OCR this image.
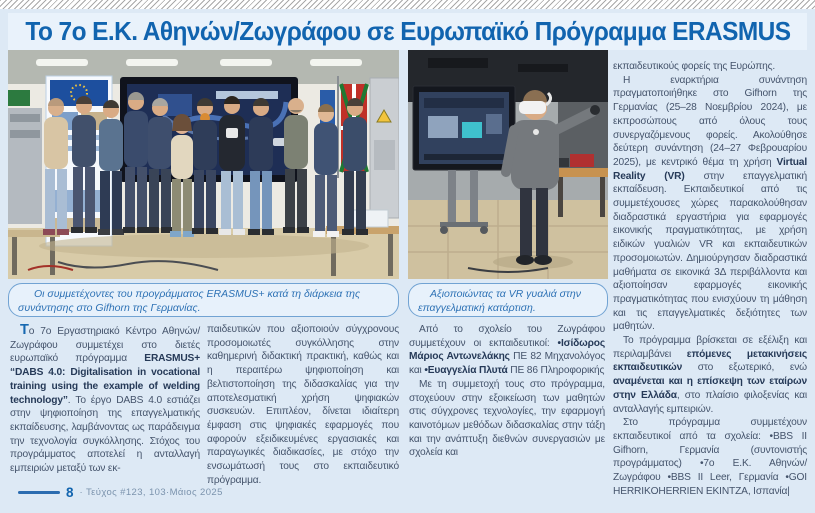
Το 7ο Ε.Κ. Αθηνών/Ζωγράφου σε Ευρωπαϊκό Πρόγραμμα ERASMUS
Οι συμμετέχοντες του προγράμματος ERASMUS+ κατά τη διάρκεια της συνάντησης στο Gifhorn της Γερμανίας.
Αξιοποιώντας τα VR γυαλιά στην επαγγελματική κατάρτιση.

Το 7ο Εργαστηριακό Κέντρο Αθηνών/Ζωγράφου συμμετέχει στο διετές ευρωπαϊκό πρόγραμμα ERASMUS+ “DABS 4.0: Digitalisation in vocational training using the example of welding technology”. Το έργο DABS 4.0 εστιάζει στην ψηφιοποίηση της επαγγελματικής εκπαίδευσης, λαμβάνοντας ως παράδειγμα την τεχνολογία συγκόλλησης. Στόχος του προγράμματος αποτελεί η ανταλλαγή εμπειριών μεταξύ των εκ-

παιδευτικών που αξιοποιούν σύγχρονους προσομοιωτές συγκόλλησης στην καθημερινή διδακτική πρακτική, καθώς και η περαιτέρω ψηφιοποίηση και βελτιστοποίηση της διδασκαλίας για την αποτελεσματική χρήση ψηφιακών συσκευών. Επιπλέον, δίνεται ιδιαίτερη έμφαση στις ψηφιακές εφαρμογές που αφορούν εξειδικευμένες εργασιακές και παραγωγικές διαδικασίες, με στόχο την ενσωμάτωσή τους στο εκπαιδευτικό πρόγραμμα.

Από το σχολείο του Ζωγράφου συμμετέχουν οι εκπαιδευτικοί: •Ισίδωρος Μάριος Αντωνελάκης ΠΕ 82 Μηχανολόγος και •Ευαγγελία Πλυτά ΠΕ 86 Πληροφορικής

Με τη συμμετοχή τους στο πρόγραμμα, στοχεύουν στην εξοικείωση των μαθητών στις σύγχρονες τεχνολογίες, την εφαρμογή καινοτόμων μεθόδων διδασκαλίας στην τάξη και την ανάπτυξη διεθνών συνεργασιών με σχολεία και

εκπαιδευτικούς φορείς της Ευρώπης.

Η εναρκτήρια συνάντηση πραγματοποιήθηκε στο Gifhorn της Γερμανίας (25–28 Νοεμβρίου 2024), με εκπροσώπους από όλους τους συνεργαζόμενους φορείς. Ακολούθησε δεύτερη συνάντηση (24–27 Φεβρουαρίου 2025), με κεντρικό θέμα τη χρήση Virtual Reality (VR) στην επαγγελματική εκπαίδευση. Εκπαιδευτικοί από τις συμμετέχουσες χώρες παρακολούθησαν διαδραστικά εργαστήρια για εφαρμογές εικονικής πραγματικότητας, με χρήση ειδικών γυαλιών VR και εκπαιδευτικών προσομοιωτών. Δημιούργησαν διαδραστικά μαθήματα σε εικονικά 3Δ περιβάλλοντα και αξιοποίησαν εφαρμογές εικονικής πραγματικότητας που ενισχύουν τη μάθηση και τις επαγγελματικές δεξιότητες των μαθητών.

Το πρόγραμμα βρίσκεται σε εξέλιξη και περιλαμβάνει επόμενες μετακινήσεις εκπαιδευτικών στο εξωτερικό, ενώ αναμένεται και η επίσκεψη των εταίρων στην Ελλάδα, στο πλαίσιο φιλοξενίας και ανταλλαγής εμπειριών.

Στο πρόγραμμα συμμετέχουν εκπαιδευτικοί από τα σχολεία: •BBS II Gifhorn, Γερμανία (συντονιστής προγράμματος) •7ο Ε.Κ. Αθηνών/Ζωγράφου •BBS II Leer, Γερμανία •GOI HERRIKOHERRIEN EKINTZA, Ισπανία|

8 · Τεύχος #123, 103·Μάιος 2025
